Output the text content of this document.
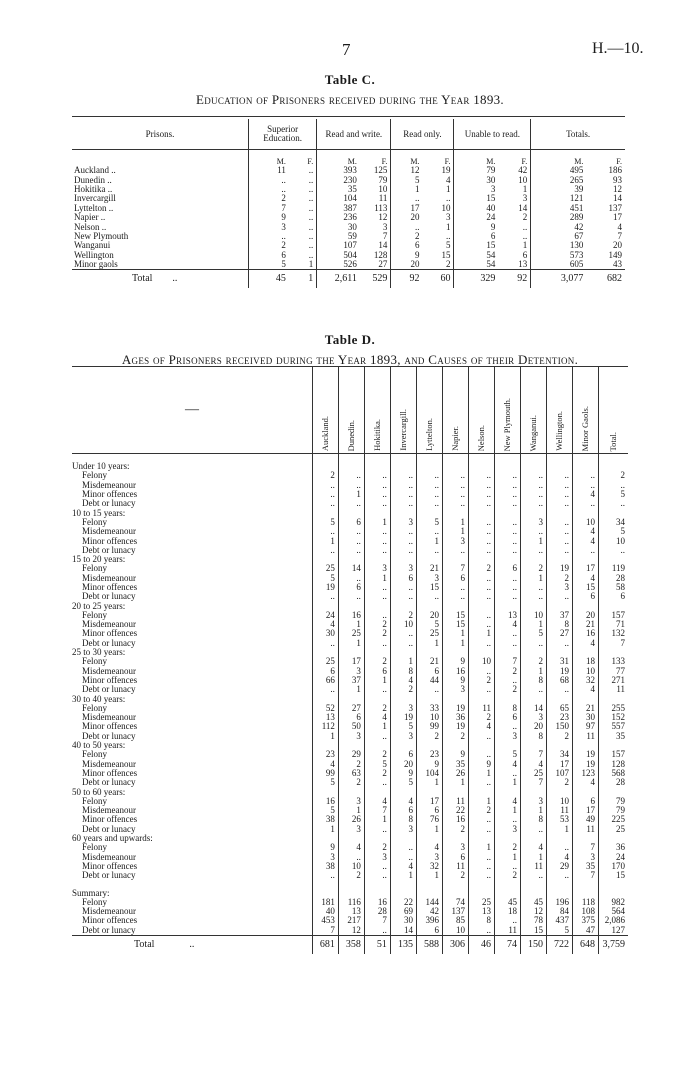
7	H.—10.
Table C.
Education of Prisoners received during the Year 1893.
Prisons.	Superior Education.		Read and write.		Read only.		Unable to read.		Totals.	
	M.	F.	M.	F.	M.	F.	M.	F.	M.	F.
Auckland ..	11	..	393	125	12	19	79	42	495	186
Dunedin ..	..	..	230	79	5	4	30	10	265	93
Hokitika ..	..	..	35	10	1	1	3	1	39	12
Invercargill	2	..	104	11	..	..	15	3	121	14
Lyttelton ..	7	..	387	113	17	10	40	14	451	137
Napier ..	9	..	236	12	20	3	24	2	289	17
Nelson ..	3	..	30	3	..	1	9	..	42	4
New Plymouth	..	..	59	7	2	..	6	..	67	7
Wanganui	2	..	107	14	6	5	15	1	130	20
Wellington	6	..	504	128	9	15	54	6	573	149
Minor gaols	5	1	526	27	20	2	54	13	605	43
Total ..	45	1	2,611	529	92	60	329	92	3,077	682
Table D.
Ages of Prisoners received during the Year 1893, and Causes of their Detention.
—	Auckland.	Dunedin.	Hokitika.	Invercargill.	Lyttelton.	Napier.	Nelson.	New Plymouth.	Wanganui.	Wellington.	Minor Gaols.	Total.

Under 10 years:												
Felony	2	..	..	..	..	..	..	..	..	..	..	2
Misdemeanour	..	..	..	..	..	..	..	..	..	..	..	..
Minor offences	..	1	..	..	..	..	..	..	..	..	4	5
Debt or lunacy	..	..	..	..	..	..	..	..	..	..	..	..
10 to 15 years:												
Felony	5	6	1	3	5	1	..	..	3	..	10	34
Misdemeanour	..	..	..	..	..	1	..	..	..	..	4	5
Minor offences	1	..	..	..	1	3	..	..	1	..	4	10
Debt or lunacy	..	..	..	..	..	..	..	..	..	..	..	..
15 to 20 years:												
Felony	25	14	3	3	21	7	2	6	2	19	17	119
Misdemeanour	5	..	1	6	3	6	..	..	1	2	4	28
Minor offences	19	6	..	..	15	..	..	..	..	3	15	58
Debt or lunacy	..	..	..	..	..	..	..	..	..	..	6	6
20 to 25 years:												
Felony	24	16	..	2	20	15	..	13	10	37	20	157
Misdemeanour	4	1	2	10	5	15	..	4	1	8	21	71
Minor offences	30	25	2	..	25	1	1	..	5	27	16	132
Debt or lunacy	..	1	..	..	1	1	..	..	..	..	4	7
25 to 30 years:												
Felony	25	17	2	1	21	9	10	7	2	31	18	133
Misdemeanour	6	3	6	8	6	16	..	2	1	19	10	77
Minor offences	66	37	1	4	44	9	2	..	8	68	32	271
Debt or lunacy	..	1	..	2	..	3	..	2	..	..	4	11
30 to 40 years:												
Felony	52	27	2	3	33	19	11	8	14	65	21	255
Misdemeanour	13	6	4	19	10	36	2	6	3	23	30	152
Minor offences	112	50	1	5	99	19	4	..	20	150	97	557
Debt or lunacy	1	3	..	3	2	2	..	3	8	2	11	35
40 to 50 years:												
Felony	23	29	2	6	23	9	..	5	7	34	19	157
Misdemeanour	4	2	5	20	9	35	9	4	4	17	19	128
Minor offences	99	63	2	9	104	26	1	..	25	107	123	568
Debt or lunacy	5	2	..	5	1	1	..	1	7	2	4	28
50 to 60 years:												
Felony	16	3	4	4	17	11	1	4	3	10	6	79
Misdemeanour	5	1	7	6	6	22	2	1	1	11	17	79
Minor offences	38	26	1	8	76	16	..	..	8	53	49	225
Debt or lunacy	1	3	..	3	1	2	..	3	..	1	11	25
60 years and upwards:												
Felony	9	4	2	..	4	3	1	2	4	..	7	36
Misdemeanour	3	..	3	..	3	6	..	1	1	4	3	24
Minor offences	38	10	..	4	32	11	..	..	11	29	35	170
Debt or lunacy	..	2	..	1	1	2	..	2	..	..	7	15

Summary:												
Felony	181	116	16	22	144	74	25	45	45	196	118	982
Misdemeanour	40	13	28	69	42	137	13	18	12	84	108	564
Minor offences	453	217	7	30	396	85	8	..	78	437	375	2,086
Debt or lunacy	7	12	..	14	6	10	..	11	15	5	47	127
Total ..	681	358	51	135	588	306	46	74	150	722	648	3,759
